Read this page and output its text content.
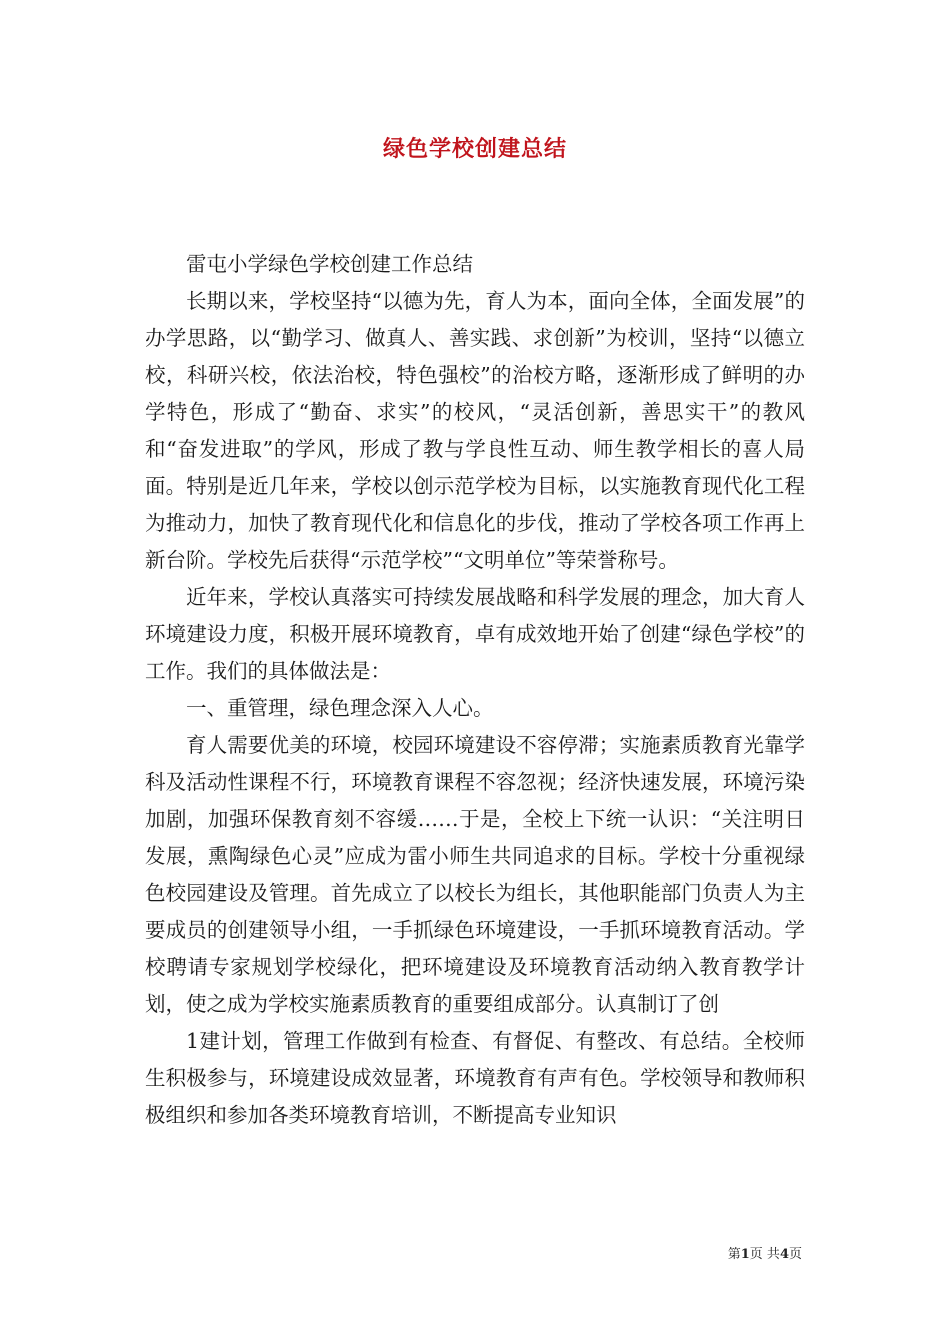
绿色学校创建总结

雷屯小学绿色学校创建工作总结

长期以来，学校坚持“以德为先，育人为本，面向全体，全面发展”的办学思路，以“勤学习、做真人、善实践、求创新”为校训，坚持“以德立校，科研兴校，依法治校，特色强校”的治校方略，逐渐形成了鲜明的办学特色，形成了“勤奋、求实”的校风，“灵活创新，善思实干”的教风和“奋发进取”的学风，形成了教与学良性互动、师生教学相长的喜人局面。特别是近几年来，学校以创示范学校为目标，以实施教育现代化工程为推动力，加快了教育现代化和信息化的步伐，推动了学校各项工作再上新台阶。学校先后获得“示范学校”“文明单位”等荣誉称号。

近年来，学校认真落实可持续发展战略和科学发展的理念，加大育人环境建设力度，积极开展环境教育，卓有成效地开始了创建“绿色学校”的工作。我们的具体做法是：

一、重管理，绿色理念深入人心。

育人需要优美的环境，校园环境建设不容停滞；实施素质教育光靠学科及活动性课程不行，环境教育课程不容忽视；经济快速发展，环境污染加剧，加强环保教育刻不容缓……于是，全校上下统一认识：“关注明日发展，熏陶绿色心灵”应成为雷小师生共同追求的目标。学校十分重视绿色校园建设及管理。首先成立了以校长为组长，其他职能部门负责人为主要成员的创建领导小组，一手抓绿色环境建设，一手抓环境教育活动。学校聘请专家规划学校绿化，把环境建设及环境教育活动纳入教育教学计划，使之成为学校实施素质教育的重要组成部分。认真制订了创

1建计划，管理工作做到有检查、有督促、有整改、有总结。全校师生积极参与，环境建设成效显著，环境教育有声有色。学校领导和教师积极组织和参加各类环境教育培训，不断提高专业知识

第1页 共4页
